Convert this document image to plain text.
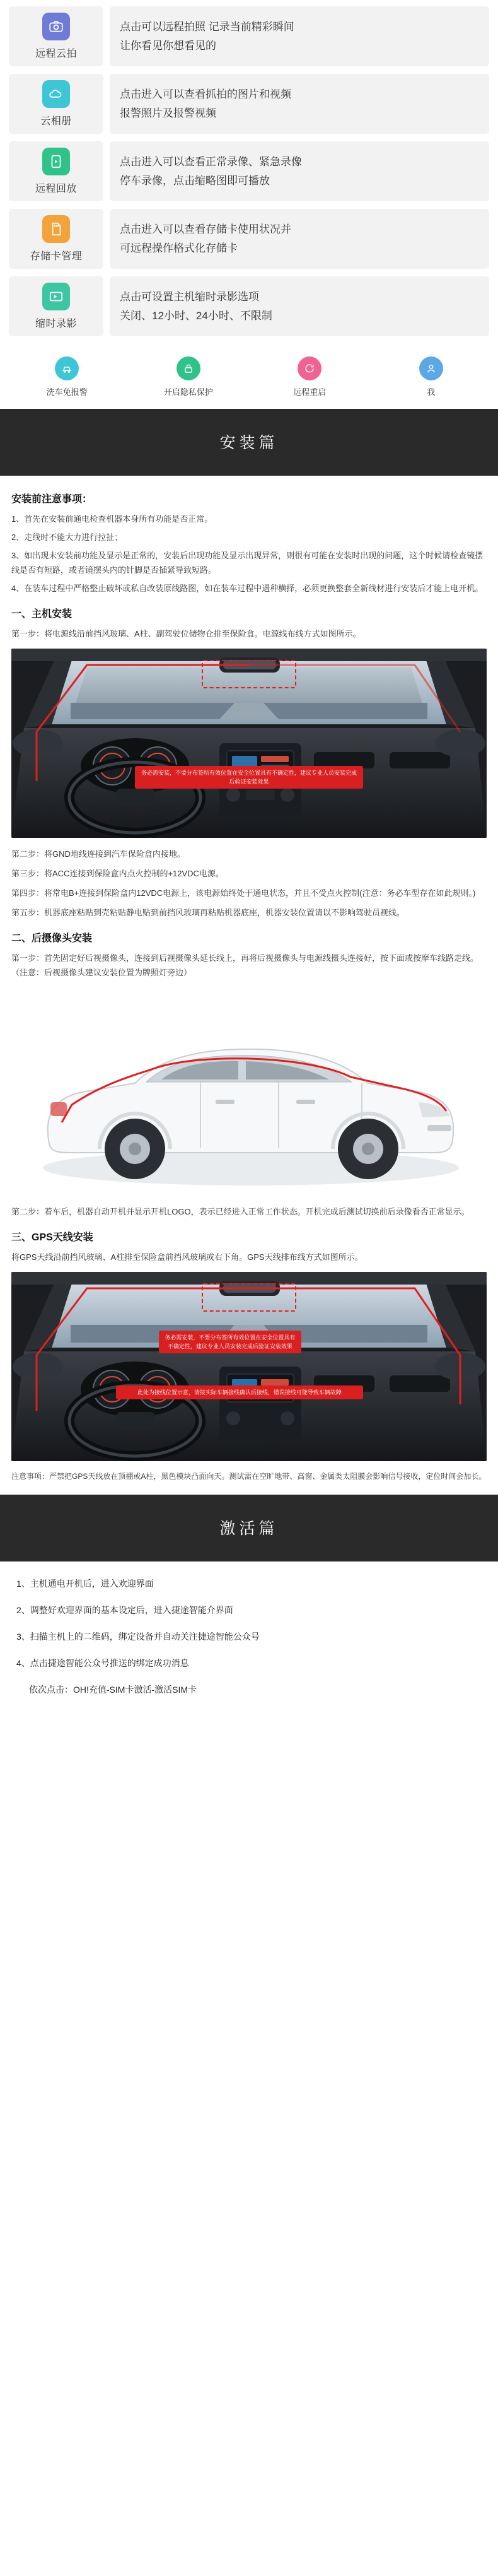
远程云拍
点击可以远程拍照 记录当前精彩瞬间
让你看见你想看见的
云相册
点击进入可以查看抓拍的图片和视频
报警照片及报警视频
远程回放
点击进入可以查看正常录像、紧急录像
停车录像，点击缩略图即可播放
存储卡管理
点击进入可以查看存储卡使用状况并
可远程操作格式化存储卡
缩时录影
点击可设置主机缩时录影选项
关闭、12小时、24小时、不限制
洗车免报警	开启隐私保护	远程重启	我
安装篇
安装前注意事项：
1、首先在安装前通电检查机器本身所有功能是否正常。
2、走线时不能大力进行拉扯；
3、如出现未安装前功能及显示是正常的，安装后出现功能及显示出现异常，则很有可能在安装时出现的问题，这个时候请检查镜摆线是否有短路，或者镜摆头内的针脚是否插紧导致短路。
4、在装车过程中严格整止破坏或私自改装原线路图，如在装车过程中遇种横择，必须更换整套全新线材进行安装后才能上电开机。
一、主机安装
第一步：将电源线沿前挡风玻璃、A柱、副驾驶位储物仓排至保险盒。电源线布线方式如图所示。
务必需安装，不要分布签所有效位置在安全位置具有不确定性，建议专业人员安装完成后验证安装效果
第二步：将GND地线连接到汽车保险盒内接地。
第三步：将ACC连接到保险盒内点火控制的+12VDC电源。
第四步：将常电B+连接到保险盒内12VDC电源上，该电源始终处于通电状态，并且不受点火控制(注意：务必车型存在如此规则。)
第五步：机器底座粘贴到壳粘贴静电贴到前挡风玻璃再粘贴机器底座，机器安装位置请以不影响驾驶员视线。
二、后摄像头安装
第一步：首先固定好后视摄像头，连接到后视摄像头延长线上，再将后视摄像头与电源线摄头连接好，按下面或按摩车线路走线。（注意：后视摄像头建议安装位置为牌照灯旁边）
第二步：着车后，机器自动开机并显示开机LOGO，表示已经进入正常工作状态。开机完成后测试切换前后录像看否正常显示。
三、GPS天线安装
将GPS天线沿前挡风玻璃、A柱排至保险盒前挡风玻璃或右下角。GPS天线排布线方式如图所示。
务必需安装，不要分布签所有效位置在安全位置具有不确定性，建议专业人员安装完成后验证安装效果
此处为接线位置示意，请按实际车辆接线确认后接线，错误接线可能导致车辆故障
注意事项：严禁把GPS天线放在顶棚或A柱，黑色模块凸面向天。测试需在空旷地带、高窗、金属类太阻膜会影响信号接收，定位时间会加长。
激活篇
1、主机通电开机后，进入欢迎界面
2、调整好欢迎界面的基本设定后，进入捷途智能介界面
3、扫描主机上的二维码，绑定设备并自动关注捷途智能公众号
4、点击捷途智能公众号推送的绑定成功消息
依次点击：OH!充值-SIM卡激活-激活SIM卡
